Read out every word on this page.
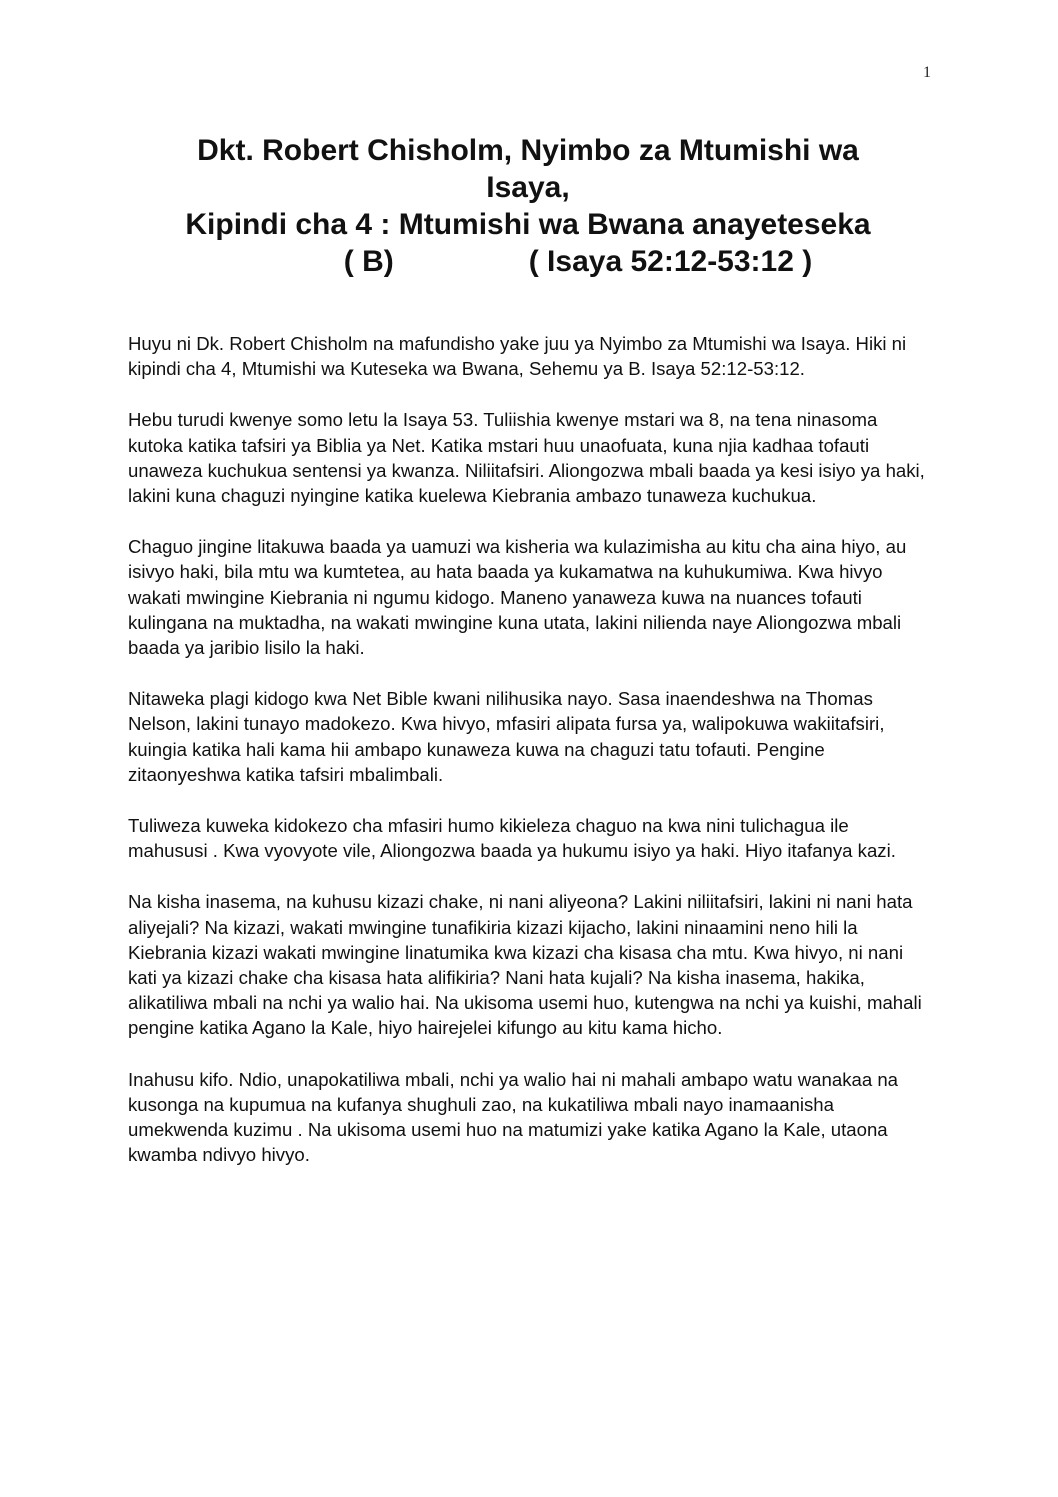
1
Dkt. Robert Chisholm, Nyimbo za Mtumishi wa
Isaya,
Kipindi cha 4 : Mtumishi wa Bwana anayeteseka
( B)	( Isaya 52:12-53:12 )

Huyu ni Dk. Robert Chisholm na mafundisho yake juu ya Nyimbo za Mtumishi wa Isaya. Hiki ni kipindi cha 4, Mtumishi wa Kuteseka wa Bwana, Sehemu ya B. Isaya 52:12-53:12.

Hebu turudi kwenye somo letu la Isaya 53. Tuliishia kwenye mstari wa 8, na tena ninasoma kutoka katika tafsiri ya Biblia ya Net. Katika mstari huu unaofuata, kuna njia kadhaa tofauti unaweza kuchukua sentensi ya kwanza. Niliitafsiri. Aliongozwa mbali baada ya kesi isiyo ya haki, lakini kuna chaguzi nyingine katika kuelewa Kiebrania ambazo tunaweza kuchukua.

Chaguo jingine litakuwa baada ya uamuzi wa kisheria wa kulazimisha au kitu cha aina hiyo, au isivyo haki, bila mtu wa kumtetea, au hata baada ya kukamatwa na kuhukumiwa. Kwa hivyo wakati mwingine Kiebrania ni ngumu kidogo. Maneno yanaweza kuwa na nuances tofauti kulingana na muktadha, na wakati mwingine kuna utata, lakini niliendа naye Aliongozwa mbali baada ya jaribio lisilo la haki.

Nitaweka plagi kidogo kwa Net Bible kwani nilihusika nayo. Sasa inaendeshwa na Thomas Nelson, lakini tunayo madokezo. Kwa hivyo, mfasiri alipata fursa ya, walipokuwa wakiitafsiri, kuingia katika hali kama hii ambapo kunaweza kuwa na chaguzi tatu tofauti. Pengine zitaonyeshwa katika tafsiri mbalimbali.

Tuliweza kuweka kidokezo cha mfasiri humo kikieleza chaguo na kwa nini tulichagua ile mahususi . Kwa vyovyote vile, Aliongozwa baada ya hukumu isiyo ya haki. Hiyo itafanya kazi.

Na kisha inasema, na kuhusu kizazi chake, ni nani aliyeona? Lakini niliitafsiri, lakini ni nani hata aliyejali? Na kizazi, wakati mwingine tunafikiria kizazi kijacho, lakini ninaamini neno hili la Kiebrania kizazi wakati mwingine linatumika kwa kizazi cha kisasa cha mtu. Kwa hivyo, ni nani kati ya kizazi chake cha kisasa hata alifikiria? Nani hata kujali? Na kisha inasema, hakika, alikatiliwa mbali na nchi ya walio hai. Na ukisoma usemi huo, kutengwa na nchi ya kuishi, mahali pengine katika Agano la Kale, hiyo hairejelei kifungo au kitu kama hicho.

Inahusu kifo. Ndio, unapokatiliwa mbali, nchi ya walio hai ni mahali ambapo watu wanakaa na kusonga na kupumua na kufanya shughuli zao, na kukatiliwa mbali nayo inamaanisha umekwenda kuzimu . Na ukisoma usemi huo na matumizi yake katika Agano la Kale, utaona kwamba ndivyo hivyo.
